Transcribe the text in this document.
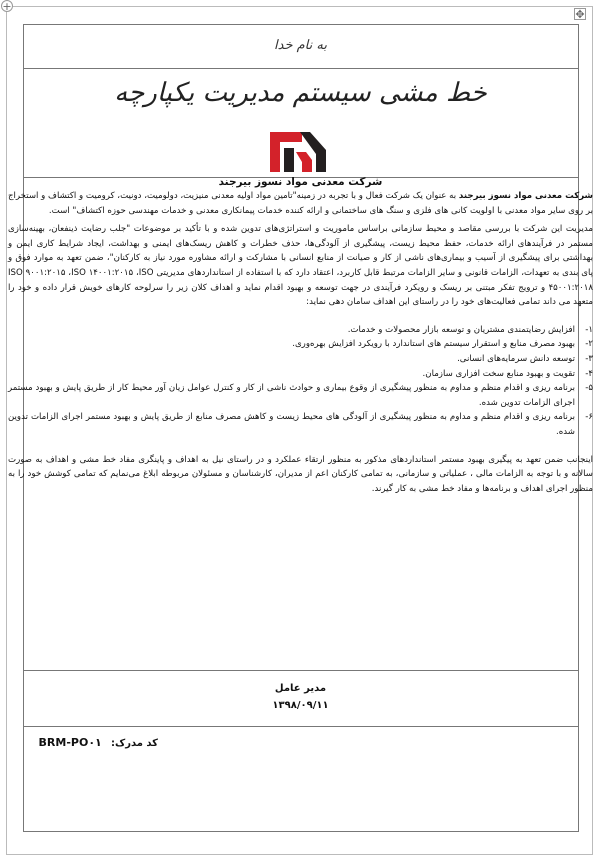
+
✥
به نام خدا
خط مشی سیستم مدیریت یکپارچه
شرکت معدنی مواد نسوز بیرجند

شرکت معدنی مواد نسوز بیرجند به عنوان یک شرکت فعال و با تجربه در زمینه"تامین مواد اولیه معدنی منیزیت، دولومیت، دونیت، کرومیت و اکتشاف و استخراج بر روی سایر مواد معدنی با اولویت کانی های فلزی و سنگ های ساختمانی و ارائه کننده خدمات پیمانکاری معدنی و خدمات مهندسی حوزه اکتشاف" است.

مدیریت این شرکت با بررسی مقاصد و محیط سازمانی براساس ماموریت و استراتژی‌های تدوین شده و با تأکید بر موضوعات "جلب رضایت ذینفعان، بهینه‌سازی مستمر در فرآیندهای ارائه خدمات، حفظ محیط زیست، پیشگیری از آلودگی‌ها، حذف خطرات و کاهش ریسک‌های ایمنی و بهداشت، ایجاد شرایط کاری ایمن و بهداشتی برای پیشگیری از آسیب و بیماری‌های ناشی از کار و صیانت از منابع انسانی با مشارکت و ارائه مشاوره مورد نیاز به کارکنان"، ضمن تعهد به موارد فوق و پای بندی به تعهدات، الزامات قانونی و سایر الزامات مرتبط قابل کاربرد، اعتقاد دارد که با استفاده از استانداردهای مدیریتی ISO ۹۰۰۱:۲۰۱۵ ،ISO ۱۴۰۰۱:۲۰۱۵ ،ISO ۴۵۰۰۱:۲۰۱۸ و ترویج تفکر مبتنی بر ریسک و رویکرد فرآیندی در جهت توسعه و بهبود اقدام نماید و اهداف کلان زیر را سرلوحه کارهای خویش قرار داده و خود را متعهد می داند تمامی فعالیت‌های خود را در راستای این اهداف سامان دهی نماید:

۱-
افزایش رضایتمندی مشتریان و توسعه بازار محصولات و خدمات.
۲-
بهبود مصرف منابع و استقرار سیستم های استاندارد با رویکرد افزایش بهره‌وری.
۳-
توسعه دانش سرمایه‌های انسانی.
۴-
تقویت و بهبود منابع سخت افزاری سازمان.
۵-
برنامه ریزی و اقدام منظم و مداوم به منظور پیشگیری از وقوع بیماری و حوادث ناشی از کار و کنترل عوامل زیان آور محیط کار از طریق پایش و بهبود مستمر اجرای الزامات تدوین شده.
۶-
برنامه ریزی و اقدام منظم و مداوم به منظور پیشگیری از آلودگی های محیط زیست و کاهش مصرف منابع از طریق پایش و بهبود مستمر اجرای الزامات تدوین شده.

اینجانب ضمن تعهد به پیگیری بهبود مستمر استانداردهای مذکور به منظور ارتقاء عملکرد و در راستای نیل به اهداف و پاینگری مفاد خط مشی و اهداف به صورت سالانه و با توجه به الزامات مالی ، عملیاتی و سازمانی، به تمامی کارکنان اعم از مدیران، کارشناسان و مسئولان مربوطه ابلاغ می‌نمایم که تمامی کوشش خود را به منظور اجرای اهداف و برنامه‌ها و مفاد خط مشی به کار گیرند.

مدیر عامل
۱۳۹۸/۰۹/۱۱
کد مدرک: BRM-PO۰۱
